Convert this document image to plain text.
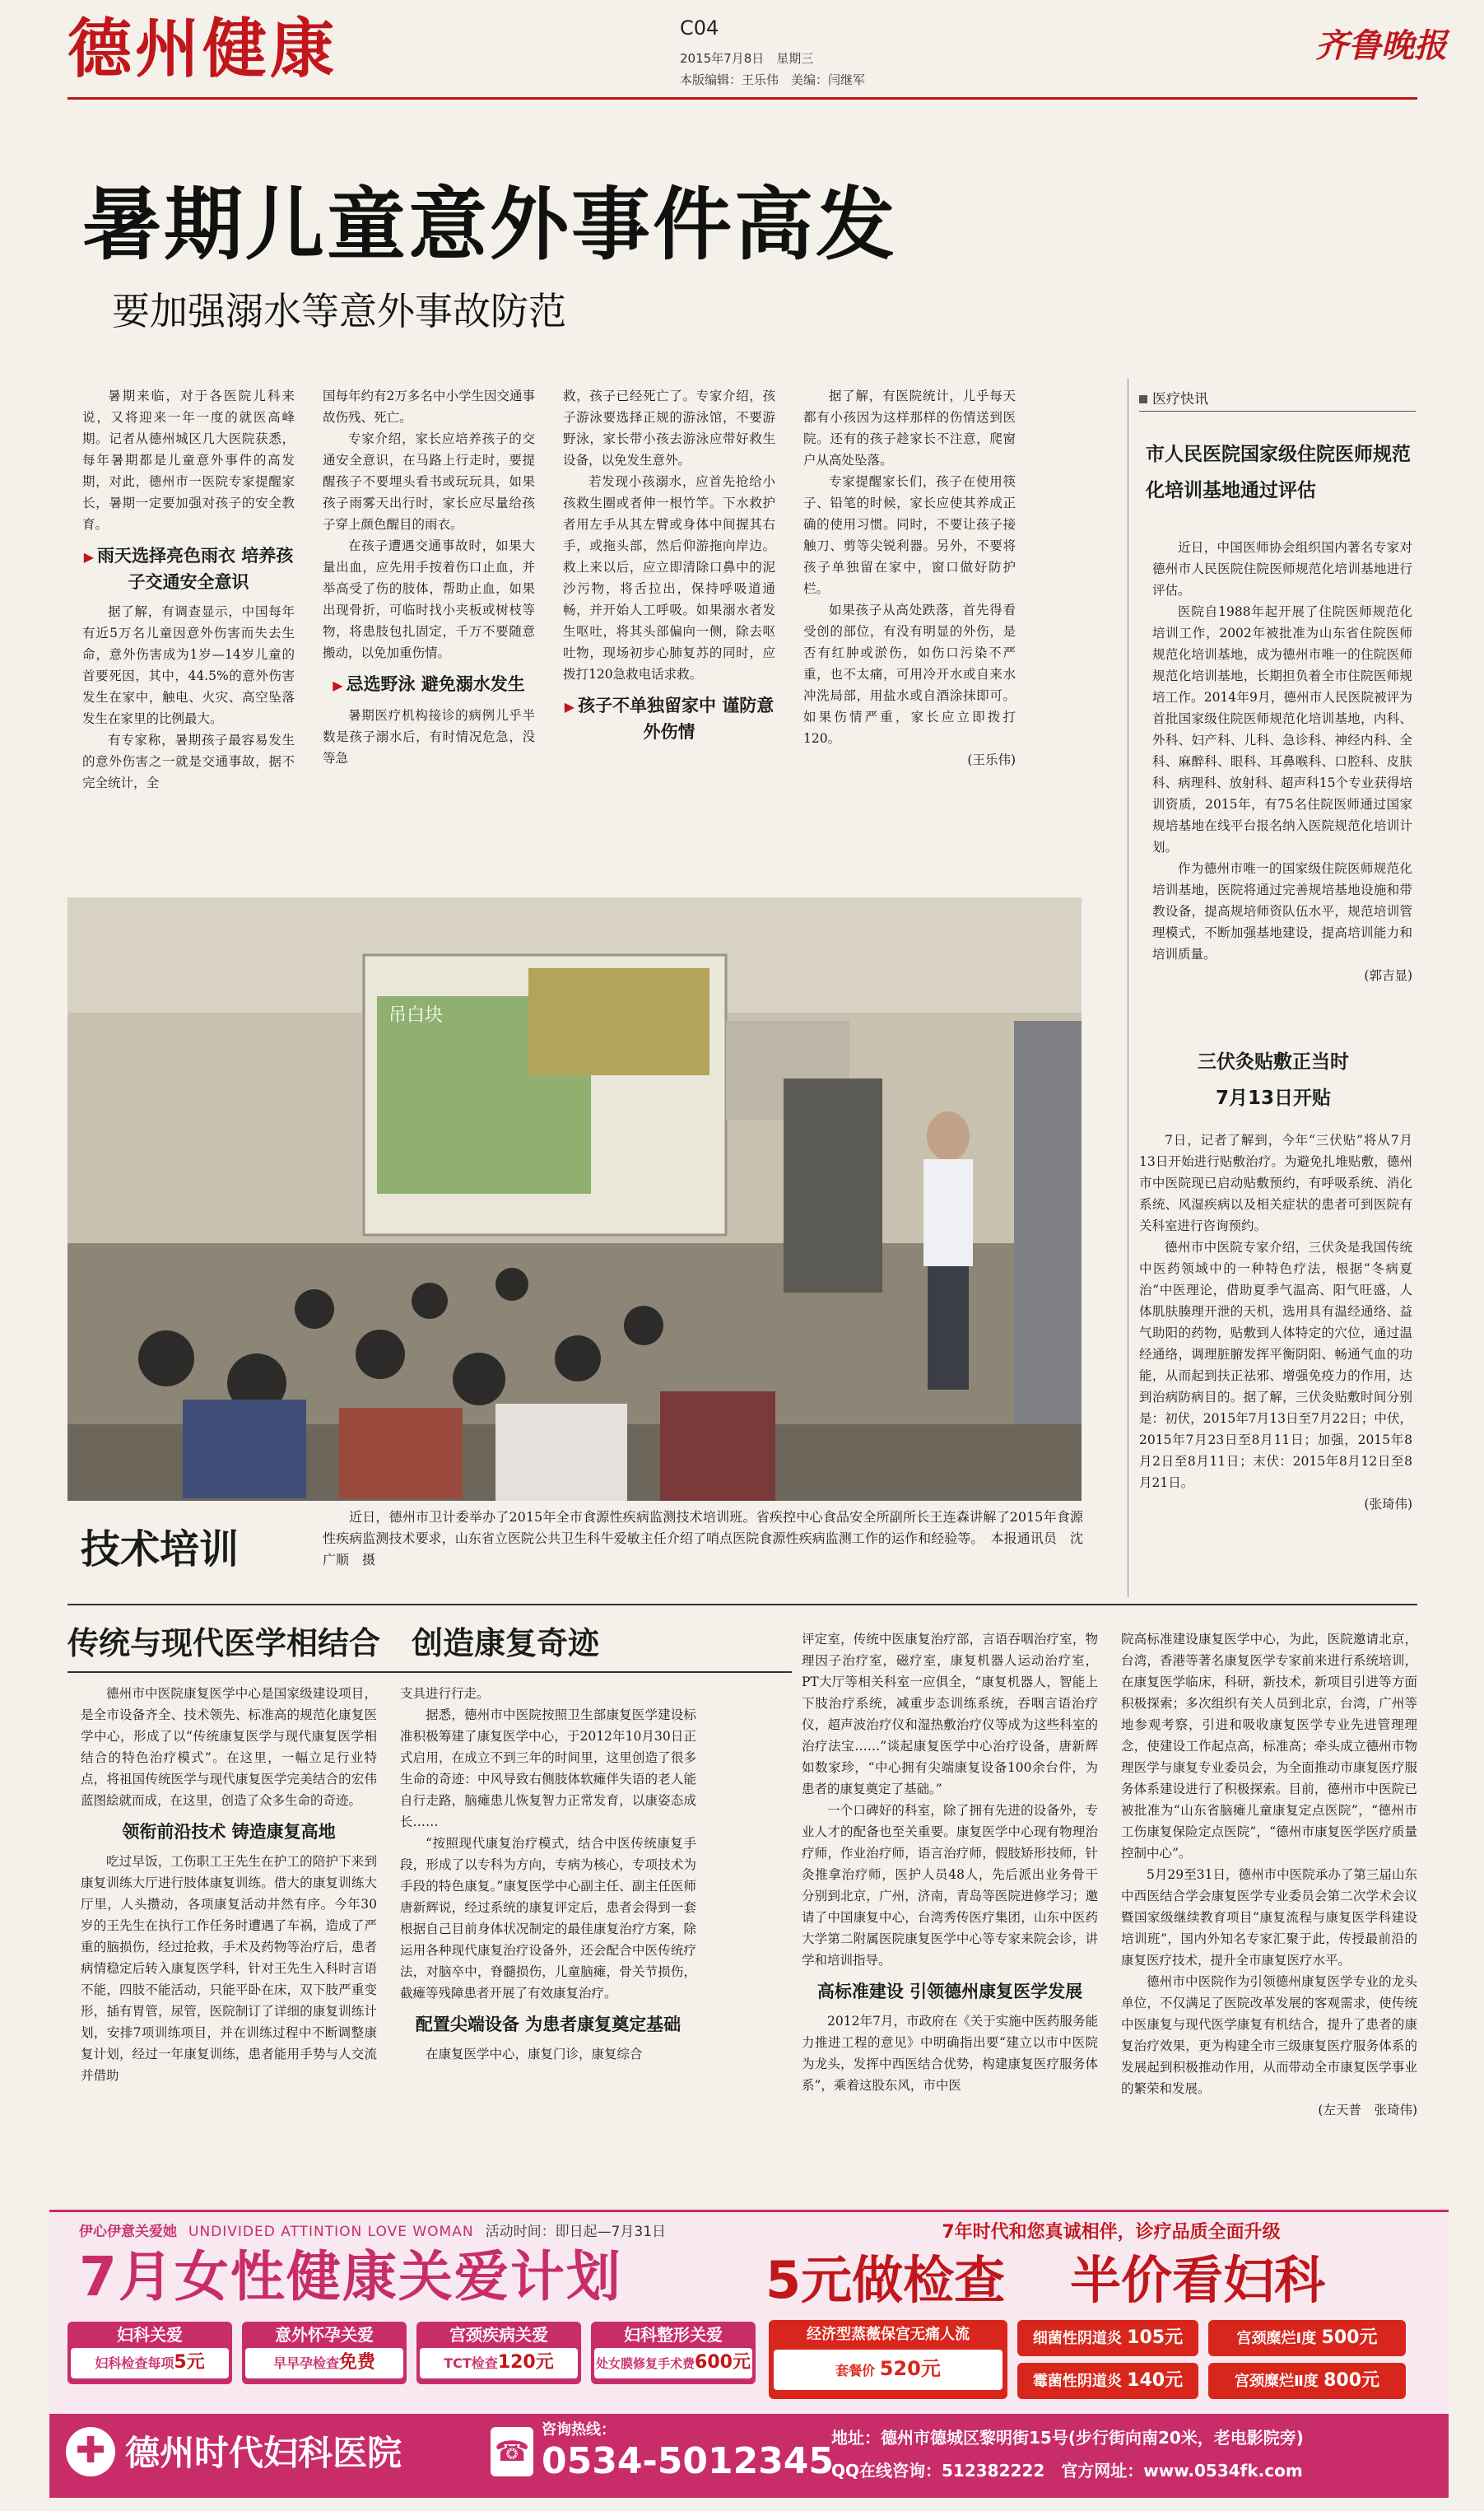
德州健康	C04
2015年7月8日　星期三
本版编辑：王乐伟　美编：闫继军
齐鲁晚报
暑期儿童意外事件高发
要加强溺水等意外事故防范

暑期来临，对于各医院儿科来说，又将迎来一年一度的就医高峰期。记者从德州城区几大医院获悉，每年暑期都是儿童意外事件的高发期，对此，德州市一医院专家提醒家长，暑期一定要加强对孩子的安全教育。

▶ 雨天选择亮色雨衣 培养孩子交通安全意识

据了解，有调查显示，中国每年有近5万名儿童因意外伤害而失去生命，意外伤害成为1岁—14岁儿童的首要死因，其中，44.5%的意外伤害发生在家中，触电、火灾、高空坠落发生在家里的比例最大。

有专家称，暑期孩子最容易发生的意外伤害之一就是交通事故，据不完全统计，全

国每年约有2万多名中小学生因交通事故伤残、死亡。

专家介绍，家长应培养孩子的交通安全意识，在马路上行走时，要提醒孩子不要埋头看书或玩玩具，如果孩子雨雾天出行时，家长应尽量给孩子穿上颜色醒目的雨衣。

在孩子遭遇交通事故时，如果大量出血，应先用手按着伤口止血，并举高受了伤的肢体，帮助止血，如果出现骨折，可临时找小夹板或树枝等物，将患肢包扎固定，千万不要随意搬动，以免加重伤情。

▶ 忌选野泳 避免溺水发生

暑期医疗机构接诊的病例儿乎半数是孩子溺水后，有时情况危急，没等急

救，孩子已经死亡了。专家介绍，孩子游泳要选择正规的游泳馆，不要游野泳，家长带小孩去游泳应带好救生设备，以免发生意外。

若发现小孩溺水，应首先抢给小孩救生圈或者伸一根竹竿。下水救护者用左手从其左臂或身体中间握其右手，或拖头部，然后仰游拖向岸边。救上来以后，应立即清除口鼻中的泥沙污物，将舌拉出，保持呼吸道通畅，并开始人工呼吸。如果溺水者发生呕吐，将其头部偏向一侧，除去呕吐物，现场初步心肺复苏的同时，应拨打120急救电话求救。

▶ 孩子不单独留家中 谨防意外伤情

据了解，有医院统计，儿乎每天都有小孩因为这样那样的伤情送到医院。还有的孩子趁家长不注意，爬窗户从高处坠落。

专家提醒家长们，孩子在使用筷子、铅笔的时候，家长应使其养成正确的使用习惯。同时，不要让孩子接触刀、剪等尖锐利器。另外，不要将孩子单独留在家中，窗口做好防护栏。

如果孩子从高处跌落，首先得看受创的部位，有没有明显的外伤，是否有红肿或淤伤，如伤口污染不严重，也不太痛，可用冷开水或自来水冲洗局部，用盐水或自酒涂抹即可。如果伤情严重，家长应立即拨打120。

(王乐伟)
医疗快讯
市人民医院国家级住院医师规范化培训基地通过评估

近日，中国医师协会组织国内著名专家对德州市人民医院住院医师规范化培训基地进行评估。

医院自1988年起开展了住院医师规范化培训工作，2002年被批准为山东省住院医师规范化培训基地，成为德州市唯一的住院医师规范化培训基地，长期担负着全市住院医师规培工作。2014年9月，德州市人民医院被评为首批国家级住院医师规范化培训基地，内科、外科、妇产科、儿科、急诊科、神经内科、全科、麻醉科、眼科、耳鼻喉科、口腔科、皮肤科、病理科、放射科、超声科15个专业获得培训资质，2015年，有75名住院医师通过国家规培基地在线平台报名纳入医院规范化培训计划。

作为德州市唯一的国家级住院医师规范化培训基地，医院将通过完善规培基地设施和带教设备，提高规培师资队伍水平，规范培训管理模式，不断加强基地建设，提高培训能力和培训质量。

(郭吉显)
三伏灸贴敷正当时
7月13日开贴

7日，记者了解到，今年“三伏贴”将从7月13日开始进行贴敷治疗。为避免扎堆贴敷，德州市中医院现已启动贴敷预约，有呼吸系统、消化系统、风湿疾病以及相关症状的患者可到医院有关科室进行咨询预约。

德州市中医院专家介绍，三伏灸是我国传统中医药领域中的一种特色疗法，根据“冬病夏治”中医理论，借助夏季气温高、阳气旺盛，人体肌肤腠理开泄的天机，选用具有温经通络、益气助阳的药物，贴敷到人体特定的穴位，通过温经通络，调理脏腑发挥平衡阴阳、畅通气血的功能，从而起到扶正祛邪、增强免疫力的作用，达到治病防病目的。据了解，三伏灸贴敷时间分别是：初伏，2015年7月13日至7月22日；中伏，2015年7月23日至8月11日；加强，2015年8月2日至8月11日；末伏：2015年8月12日至8月21日。

(张琦伟)
吊白块
技术培训
近日，德州市卫计委举办了2015年全市食源性疾病监测技术培训班。省疾控中心食品安全所副所长王连森讲解了2015年食源性疾病监测技术要求，山东省立医院公共卫生科牛爱敏主任介绍了哨点医院食源性疾病监测工作的运作和经验等。　本报通讯员　沈广顺　摄
传统与现代医学相结合　创造康复奇迹

德州市中医院康复医学中心是国家级建设项目，是全市设备齐全、技术领先、标准高的规范化康复医学中心，形成了以“传统康复医学与现代康复医学相结合的特色治疗模式”。在这里，一幅立足行业特点，将祖国传统医学与现代康复医学完美结合的宏伟蓝图絵就而成，在这里，创造了众多生命的奇迹。

领衔前沿技术 铸造康复高地

吃过早饭，工伤职工王先生在护工的陪护下来到康复训练大厅进行肢体康复训练。借大的康复训练大厅里，人头攒动，各项康复活动井然有序。今年30岁的王先生在执行工作任务时遭遇了车祸，造成了严重的脑损伤，经过抢救，手术及药物等治疗后，患者病情稳定后转入康复医学科，针对王先生入科时言语不能，四肢不能活动，只能平卧在床，双下肢严重变形，插有胃管，尿管，医院制订了详细的康复训练计划，安排7项训练项目，并在训练过程中不断调整康复计划，经过一年康复训练，患者能用手势与人交流并借助

支具进行行走。

据悉，德州市中医院按照卫生部康复医学建设标准积极筹建了康复医学中心，于2012年10月30日正式启用，在成立不到三年的时间里，这里创造了很多生命的奇迹：中风导致右侧肢体软瘫伴失语的老人能自行走路，脑瘫患儿恢复智力正常发育，以康姿态成长……

“按照现代康复治疗模式，结合中医传统康复手段，形成了以专科为方向，专病为核心，专项技术为手段的特色康复。”康复医学中心副主任、副主任医师唐新辉说，经过系统的康复评定后，患者会得到一套根据自己目前身体状况制定的最佳康复治疗方案，除运用各种现代康复治疗设备外，还会配合中医传统疗法，对脑卒中，脊髓损伤，儿童脑瘫，骨关节损伤，截瘫等残障患者开展了有效康复治疗。

配置尖端设备 为患者康复奠定基础

在康复医学中心，康复门诊，康复综合

评定室，传统中医康复治疗部，言语吞咽治疗室，物理因子治疗室，磁疗室，康复机器人运动治疗室，PT大厅等相关科室一应俱全，“康复机器人，智能上下肢治疗系统，减重步态训练系统，吞咽言语治疗仪，超声波治疗仪和湿热敷治疗仪等成为这些科室的治疗法宝……”谈起康复医学中心治疗设备，唐新辉如数家珍，“中心拥有尖端康复设备100余台件，为患者的康复奠定了基础。”

一个口碑好的科室，除了拥有先进的设备外，专业人才的配备也至关重要。康复医学中心现有物理治疗师，作业治疗师，语言治疗师，假肢矫形技师，针灸推拿治疗师，医护人员48人，先后派出业务骨干分别到北京，广州，济南，青岛等医院进修学习；邀请了中国康复中心，台湾秀传医疗集团，山东中医药大学第二附属医院康复医学中心等专家来院会诊，讲学和培训指导。

高标准建设 引领德州康复医学发展

2012年7月，市政府在《关于实施中医药服务能力推进工程的意见》中明确指出要“建立以市中医院为龙头，发挥中西医结合优势，构建康复医疗服务体系”，乘着这股东风，市中医

院高标准建设康复医学中心，为此，医院邀请北京，台湾，香港等著名康复医学专家前来进行系统培训，在康复医学临床，科研，新技术，新项目引进等方面积极探索；多次组织有关人员到北京，台湾，广州等地参观考察，引进和吸收康复医学专业先进管理理念，使建设工作起点高，标准高；牵头成立德州市物理医学与康复专业委员会，为全面推动市康复医疗服务体系建设进行了积极探索。目前，德州市中医院已被批准为“山东省脑瘫儿童康复定点医院”，“德州市工伤康复保险定点医院”，“德州市康复医学医疗质量控制中心”。

5月29至31日，德州市中医院承办了第三届山东中西医结合学会康复医学专业委员会第二次学术会议暨国家级继续教育项目“康复流程与康复医学科建设培训班”，国内外知名专家汇聚于此，传授最前沿的康复医疗技术，提升全市康复医疗水平。

德州市中医院作为引领德州康复医学专业的龙头单位，不仅满足了医院改革发展的客观需求，使传统中医康复与现代医学康复有机结合，提升了患者的康复治疗效果，更为构建全市三级康复医疗服务体系的发展起到积极推动作用，从而带动全市康复医学事业的繁荣和发展。

(左天普　张琦伟)
伊心伊意关爱她 UNDIVIDED ATTINTION LOVE WOMAN 活动时间：即日起—7月31日
7月女性健康关爱计划
7年时代和您真诚相伴，诊疗品质全面升级
5元做检查 半价看妇科
妇科关爱
妇科检查每项5元
意外怀孕关爱
早早孕检查免费
宫颈疾病关爱
TCT检查120元
妇科整形关爱
处女膜修复手术费600元
经济型蒸薇保宫无痛人流
套餐价 520元
细菌性阴道炎 105元	宫颈糜烂Ⅰ度 500元
霉菌性阴道炎 140元	宫颈糜烂Ⅱ度 800元
✚ 德州时代妇科医院	☎
咨询热线：
0534-5012345
地址：德州市德城区黎明街15号(步行街向南20米，老电影院旁)
QQ在线咨询：512382222　官方网址：www.0534fk.com
